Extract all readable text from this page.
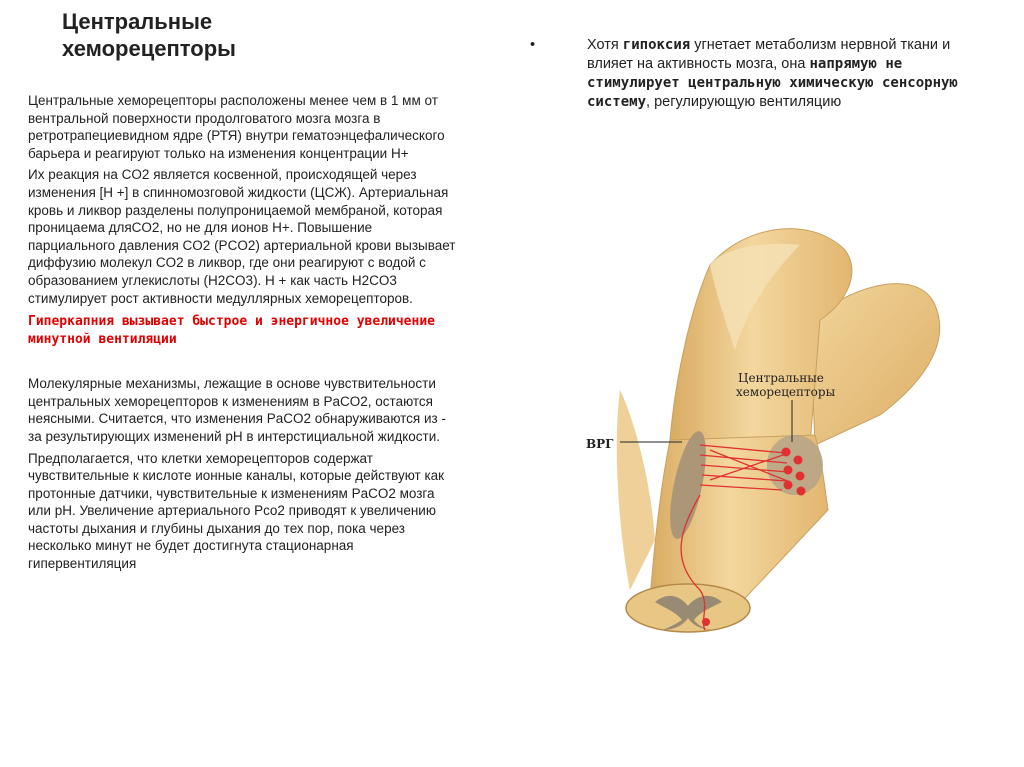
Центральные
хеморецепторы

Центральные хеморецепторы расположены менее чем в 1 мм от вентральной поверхности продолговатого мозга мозга в ретротрапециевидном ядре (РТЯ) внутри гематоэнцефалического барьера и реагируют только на изменения концентрации Н+

Их реакция на CO2 является косвенной, происходящей через изменения [H +] в спинномозговой жидкости (ЦСЖ). Артериальная кровь и ликвор разделены полупроницаемой мембраной, которая проницаема дляCO2, но не для ионов H+. Повышение парциального давления CO2 (PCO2) артериальной крови вызывает диффузию молекул CO2 в ликвор, где они реагируют с водой с образованием углекислоты (H2CO3). H + как часть H2CO3 стимулирует рост активности медуллярных хеморецепторов.

Гиперкапния вызывает быстрое и энергичное увеличение минутной вентиляции

Молекулярные механизмы, лежащие в основе чувствительности центральных хеморецепторов к изменениям в PaCO2, остаются неясными. Считается, что изменения PaCO2 обнаруживаются из - за результирующих изменений pH в интерстициальной жидкости.

Предполагается, что клетки хеморецепторов содержат чувствительные к кислоте ионные каналы, которые действуют как протонные датчики, чувствительные к изменениям PaCO2 мозга или pH. Увеличение артериального Pco2 приводят к увеличению частоты дыхания и глубины дыхания до тех пор, пока через несколько минут не будет достигнута стационарная гипервентиляция

•	Хотя гипоксия угнетает метаболизм нервной ткани и влияет на активность мозга, она напрямую не стимулирует центральную химическую сенсорную систему, регулирующую вентиляцию
Центральные
хеморецепторы
ВРГ
